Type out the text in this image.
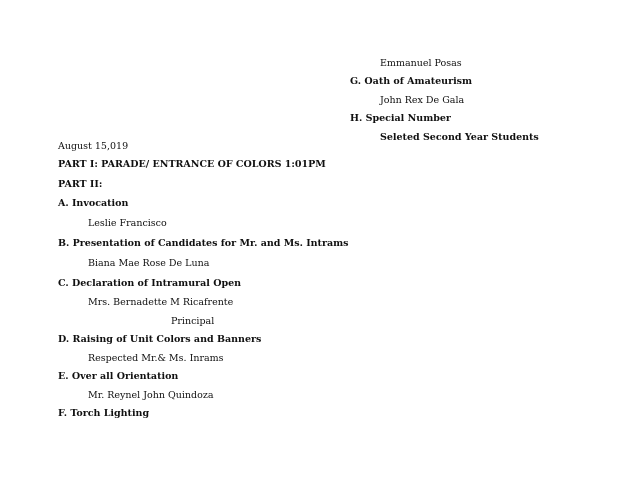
Emmanuel Posas
G. Oath of Amateurism
John Rex De Gala
H. Special Number
Seleted Second Year Students
August 15,019
PART I: PARADE/ ENTRANCE OF COLORS 1:01PM
PART II:
A. Invocation
Leslie Francisco
B. Presentation of Candidates for Mr. and Ms. Intrams
Biana Mae Rose De Luna
C. Declaration of Intramural Open
Mrs. Bernadette M Ricafrente
Principal
D. Raising of Unit Colors and Banners
Respected Mr.& Ms. Inrams
E. Over all Orientation
Mr. Reynel John Quindoza
F. Torch Lighting
